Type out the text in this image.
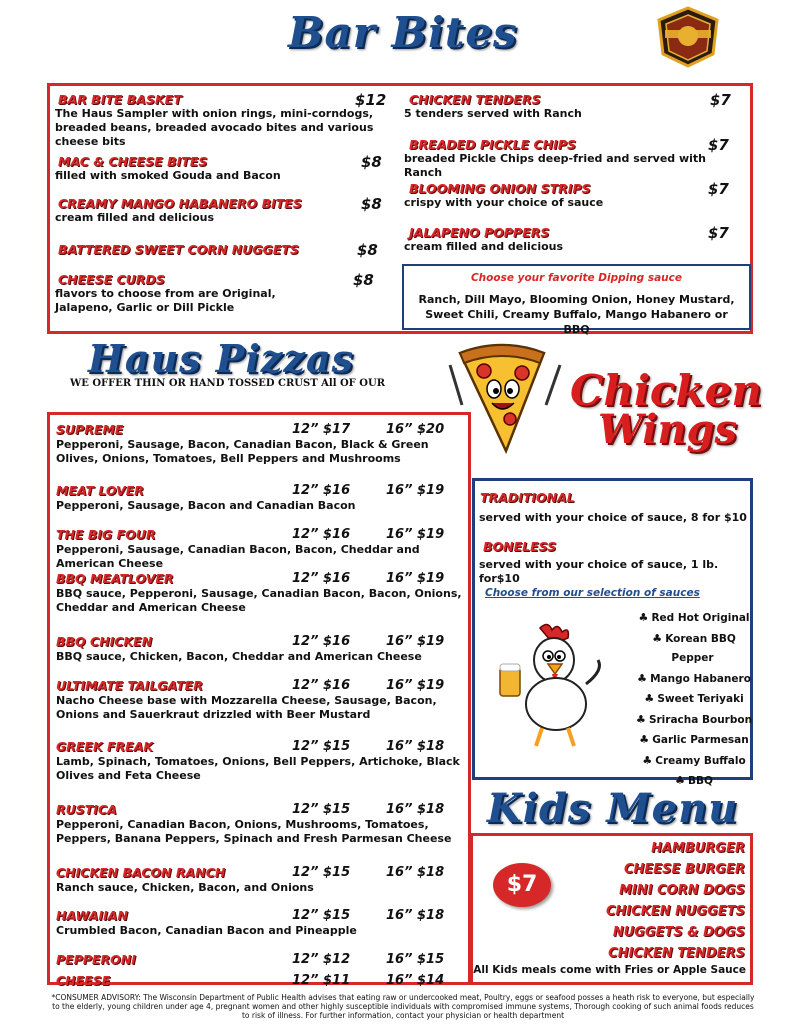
Bar Bites
BAR BITE BASKET	$12
The Haus Sampler with onion rings, mini-corndogs, breaded beans, breaded avocado bites and various cheese bits
MAC & CHEESE BITES	$8
filled with smoked Gouda and Bacon
CREAMY MANGO HABANERO BITES	$8
cream filled and delicious
BATTERED SWEET CORN NUGGETS	$8
CHEESE CURDS	$8
flavors to choose from are Original, Jalapeno, Garlic or Dill Pickle
CHICKEN TENDERS	$7
5 tenders served with Ranch
BREADED PICKLE CHIPS	$7
breaded Pickle Chips deep-fried and served with Ranch
BLOOMING ONION STRIPS	$7
crispy with your choice of sauce
JALAPENO POPPERS	$7
cream filled and delicious
Choose your favorite Dipping sauce
Ranch, Dill Mayo, Blooming Onion, Honey Mustard, Sweet Chili, Creamy Buffalo, Mango Habanero or BBQ
Haus Pizzas
WE OFFER THIN OR HAND TOSSED CRUST All OF OUR
SUPREME	12” $17	16” $20
Pepperoni, Sausage, Bacon, Canadian Bacon, Black & Green Olives, Onions, Tomatoes, Bell Peppers and Mushrooms
MEAT LOVER	12” $16	16” $19
Pepperoni, Sausage, Bacon and Canadian Bacon
THE BIG FOUR	12” $16	16” $19
Pepperoni, Sausage, Canadian Bacon, Bacon, Cheddar and American Cheese
BBQ MEATLOVER	12” $16	16” $19
BBQ sauce, Pepperoni, Sausage, Canadian Bacon, Bacon, Onions, Cheddar and American Cheese
BBQ CHICKEN	12” $16	16” $19
BBQ sauce, Chicken, Bacon, Cheddar and American Cheese
ULTIMATE TAILGATER	12” $16	16” $19
Nacho Cheese base with Mozzarella Cheese, Sausage, Bacon, Onions and Sauerkraut drizzled with Beer Mustard
GREEK FREAK	12” $15	16” $18
Lamb, Spinach, Tomatoes, Onions, Bell Peppers, Artichoke, Black Olives and Feta Cheese
RUSTICA	12” $15	16” $18
Pepperoni, Canadian Bacon, Onions, Mushrooms, Tomatoes, Peppers, Banana Peppers, Spinach and Fresh Parmesan Cheese
CHICKEN BACON RANCH	12” $15	16” $18
Ranch sauce, Chicken, Bacon, and Onions
HAWAIIAN	12” $15	16” $18
Crumbled Bacon, Canadian Bacon and Pineapple
PEPPERONI	12” $12	16” $15
CHEESE	12” $11	16” $14
Chicken
Wings
TRADITIONAL
served with your choice of sauce, 8 for $10
BONELESS
served with your choice of sauce, 1 lb. for$10
Choose from our selection of sauces
♣ Red Hot Original
♣ Korean BBQ Pepper
♣ Mango Habanero
♣ Sweet Teriyaki
♣ Sriracha Bourbon
♣ Garlic Parmesan
♣ Creamy Buffalo
♣ BBQ
Kids Menu
$7
HAMBURGER
CHEESE BURGER
MINI CORN DOGS
CHICKEN NUGGETS
NUGGETS & DOGS
CHICKEN TENDERS
All Kids meals come with Fries or Apple Sauce
*CONSUMER ADVISORY: The Wisconsin Department of Public Health advises that eating raw or undercooked meat, Poultry, eggs or seafood posses a heath risk to everyone, but especially to the elderly, young children under age 4, pregnant women and other highly susceptible individuals with compromised immune systems, Thorough cooking of such animal foods reduces to risk of illness. For further information, contact your physician or health department
